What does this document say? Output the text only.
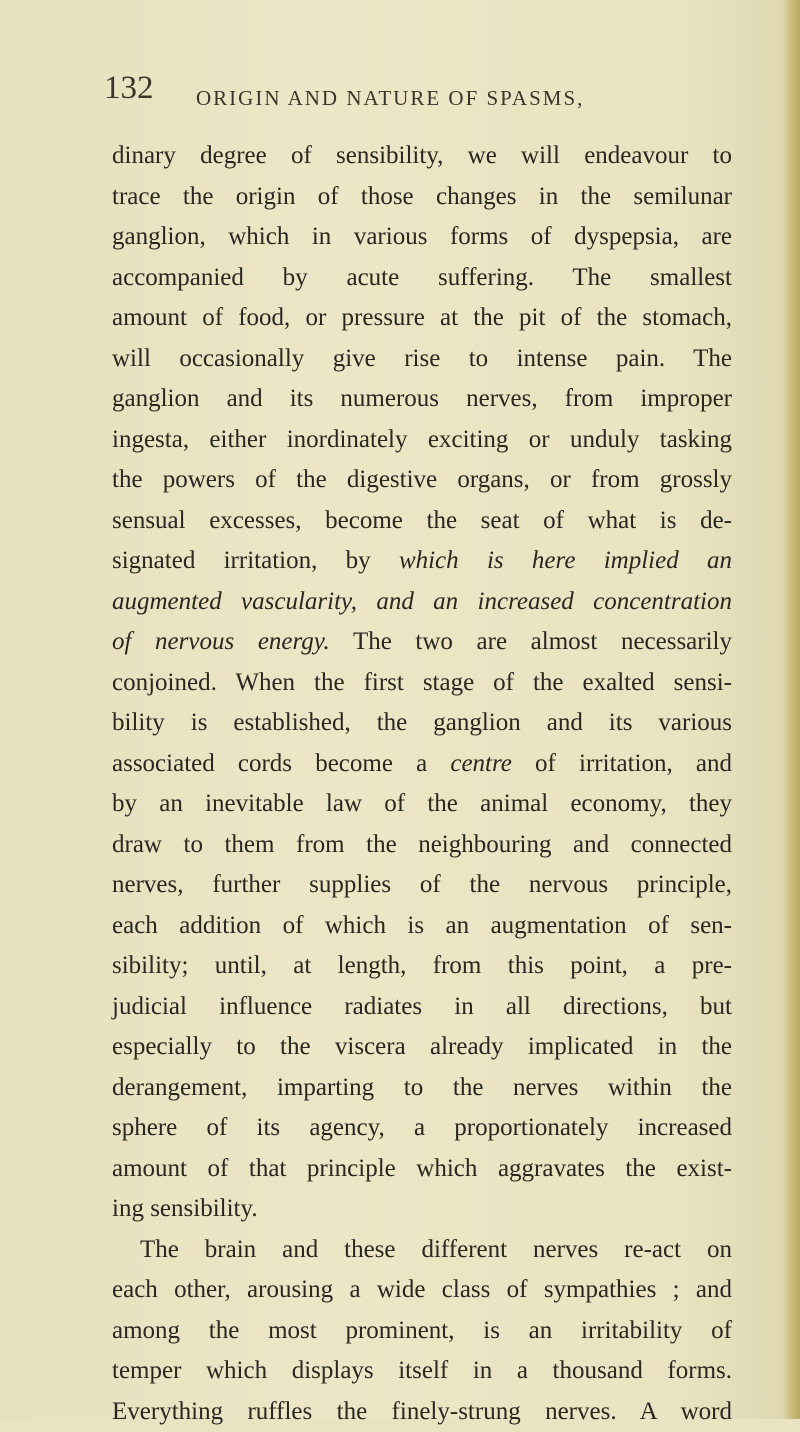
132 ORIGIN AND NATURE OF SPASMS,
dinary degree of sensibility, we will endeavour to
trace the origin of those changes in the semilunar
ganglion, which in various forms of dyspepsia, are
accompanied by acute suffering. The smallest
amount of food, or pressure at the pit of the stomach,
will occasionally give rise to intense pain. The
ganglion and its numerous nerves, from improper
ingesta, either inordinately exciting or unduly tasking
the powers of the digestive organs, or from grossly
sensual excesses, become the seat of what is de-
signated irritation, by which is here implied an
augmented vascularity, and an increased concentration
of nervous energy. The two are almost necessarily
conjoined. When the first stage of the exalted sensi-
bility is established, the ganglion and its various
associated cords become a centre of irritation, and
by an inevitable law of the animal economy, they
draw to them from the neighbouring and connected
nerves, further supplies of the nervous principle,
each addition of which is an augmentation of sen-
sibility; until, at length, from this point, a pre-
judicial influence radiates in all directions, but
especially to the viscera already implicated in the
derangement, imparting to the nerves within the
sphere of its agency, a proportionately increased
amount of that principle which aggravates the exist-
ing sensibility.
The brain and these different nerves re-act on
each other, arousing a wide class of sympathies ; and
among the most prominent, is an irritability of
temper which displays itself in a thousand forms.
Everything ruffles the finely-strung nerves. A word
